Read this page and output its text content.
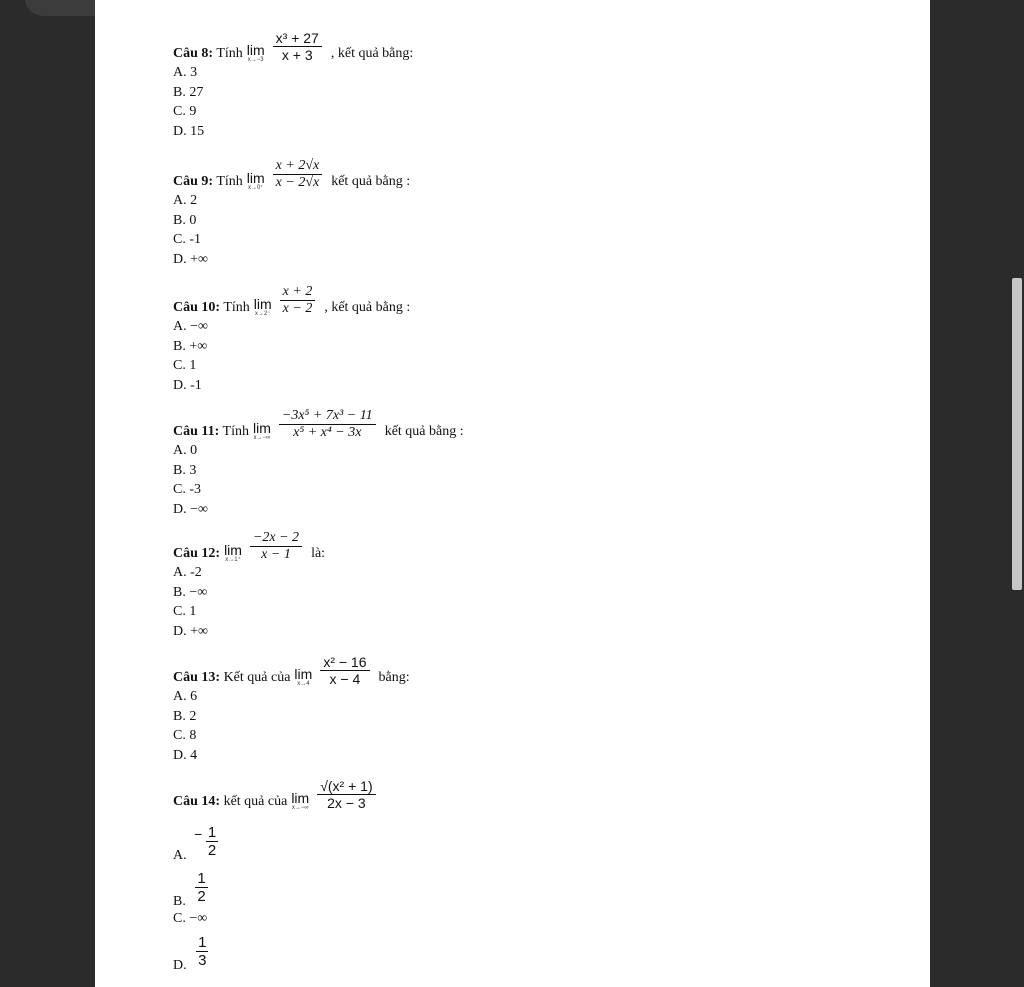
Câu 8: Tính lim
$x\to-3 \frac{\text{x³ + 27}}{x + 3}$ , kết quả bằng:
A. 3
B. 27
C. 9
D. 15
Câu 9: Tính lim
$x\to 0^+ \frac{x + 2√x}{x - 2√x}$ kết quả bằng :
A. 2
B. 0
C. -1
D. +∞
Câu 10: Tính lim
$x\to 2^- \frac{x + 2}{x - 2}$ , kết quả bằng :
A. −∞
B. +∞
C. 1
D. -1
Câu 11: Tính lim
$x\to-\infty \frac{\text{−3x⁵ + 7x³ − 11}}{\text{x⁵ + x⁴ − 3x}}$ kết quả bằng :
A. 0
B. 3
C. -3
D. −∞
Câu 12: lim
$x\to 1^+ \frac{-2x - 2}{x - 1}$ là:
A. -2
B. −∞
C. 1
D. +∞
Câu 13: Kết quả của lim
$x\to 4 \frac{\text{x² − 16}}{x - 4}$ bằng:
A. 6
B. 2
C. 8
D. 4
Câu 14: kết quả của lim
$x\to-\infty \frac{\text{√(x² + 1)}}{2x - 3}$
A. − $\frac{1}{2}$
B. $\frac{1}{2}$
C. −∞
D. $\frac{1}{3}$
